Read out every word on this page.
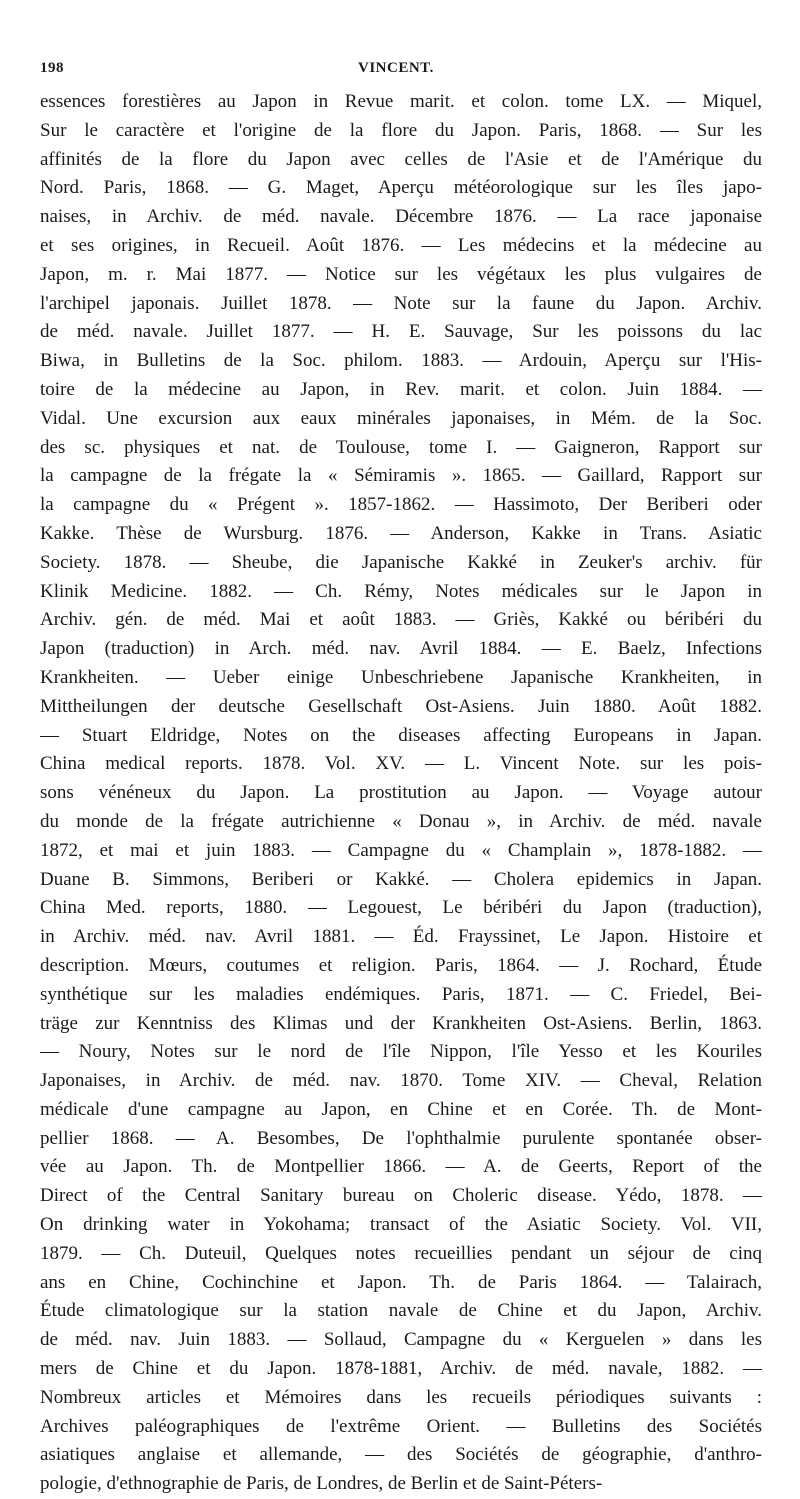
198	VINCENT.
essences forestières au Japon in Revue marit. et colon. tome LX. — Miquel,
Sur le caractère et l'origine de la flore du Japon. Paris, 1868. — Sur les
affinités de la flore du Japon avec celles de l'Asie et de l'Amérique du
Nord. Paris, 1868. — G. Maget, Aperçu météorologique sur les îles japo-
naises, in Archiv. de méd. navale. Décembre 1876. — La race japonaise
et ses origines, in Recueil. Août 1876. — Les médecins et la médecine au
Japon, m. r. Mai 1877. — Notice sur les végétaux les plus vulgaires de
l'archipel japonais. Juillet 1878. — Note sur la faune du Japon. Archiv.
de méd. navale. Juillet 1877. — H. E. Sauvage, Sur les poissons du lac
Biwa, in Bulletins de la Soc. philom. 1883. — Ardouin, Aperçu sur l'His-
toire de la médecine au Japon, in Rev. marit. et colon. Juin 1884. —
Vidal. Une excursion aux eaux minérales japonaises, in Mém. de la Soc.
des sc. physiques et nat. de Toulouse, tome I. — Gaigneron, Rapport sur
la campagne de la frégate la « Sémiramis ». 1865. — Gaillard, Rapport sur
la campagne du « Prégent ». 1857-1862. — Hassimoto, Der Beriberi oder
Kakke. Thèse de Wursburg. 1876. — Anderson, Kakke in Trans. Asiatic
Society. 1878. — Sheube, die Japanische Kakké in Zeuker's archiv. für
Klinik Medicine. 1882. — Ch. Rémy, Notes médicales sur le Japon in
Archiv. gén. de méd. Mai et août 1883. — Griès, Kakké ou béribéri du
Japon (traduction) in Arch. méd. nav. Avril 1884. — E. Baelz, Infections
Krankheiten. — Ueber einige Unbeschriebene Japanische Krankheiten, in
Mittheilungen der deutsche Gesellschaft Ost-Asiens. Juin 1880. Août 1882.
— Stuart Eldridge, Notes on the diseases affecting Europeans in Japan.
China medical reports. 1878. Vol. XV. — L. Vincent Note. sur les pois-
sons vénéneux du Japon. La prostitution au Japon. — Voyage autour
du monde de la frégate autrichienne « Donau », in Archiv. de méd. navale
1872, et mai et juin 1883. — Campagne du « Champlain », 1878-1882. —
Duane B. Simmons, Beriberi or Kakké. — Cholera epidemics in Japan.
China Med. reports, 1880. — Legouest, Le béribéri du Japon (traduction),
in Archiv. méd. nav. Avril 1881. — Éd. Frayssinet, Le Japon. Histoire et
description. Mœurs, coutumes et religion. Paris, 1864. — J. Rochard, Étude
synthétique sur les maladies endémiques. Paris, 1871. — C. Friedel, Bei-
träge zur Kenntniss des Klimas und der Krankheiten Ost-Asiens. Berlin, 1863.
— Noury, Notes sur le nord de l'île Nippon, l'île Yesso et les Kouriles
Japonaises, in Archiv. de méd. nav. 1870. Tome XIV. — Cheval, Relation
médicale d'une campagne au Japon, en Chine et en Corée. Th. de Mont-
pellier 1868. — A. Besombes, De l'ophthalmie purulente spontanée obser-
vée au Japon. Th. de Montpellier 1866. — A. de Geerts, Report of the
Direct of the Central Sanitary bureau on Choleric disease. Yédo, 1878. —
On drinking water in Yokohama; transact of the Asiatic Society. Vol. VII,
1879. — Ch. Duteuil, Quelques notes recueillies pendant un séjour de cinq
ans en Chine, Cochinchine et Japon. Th. de Paris 1864. — Talairach,
Étude climatologique sur la station navale de Chine et du Japon, Archiv.
de méd. nav. Juin 1883. — Sollaud, Campagne du « Kerguelen » dans les
mers de Chine et du Japon. 1878-1881, Archiv. de méd. navale, 1882. —
Nombreux articles et Mémoires dans les recueils périodiques suivants :
Archives paléographiques de l'extrême Orient. — Bulletins des Sociétés
asiatiques anglaise et allemande, — des Sociétés de géographie, d'anthro-
pologie, d'ethnographie de Paris, de Londres, de Berlin et de Saint-Péters-
